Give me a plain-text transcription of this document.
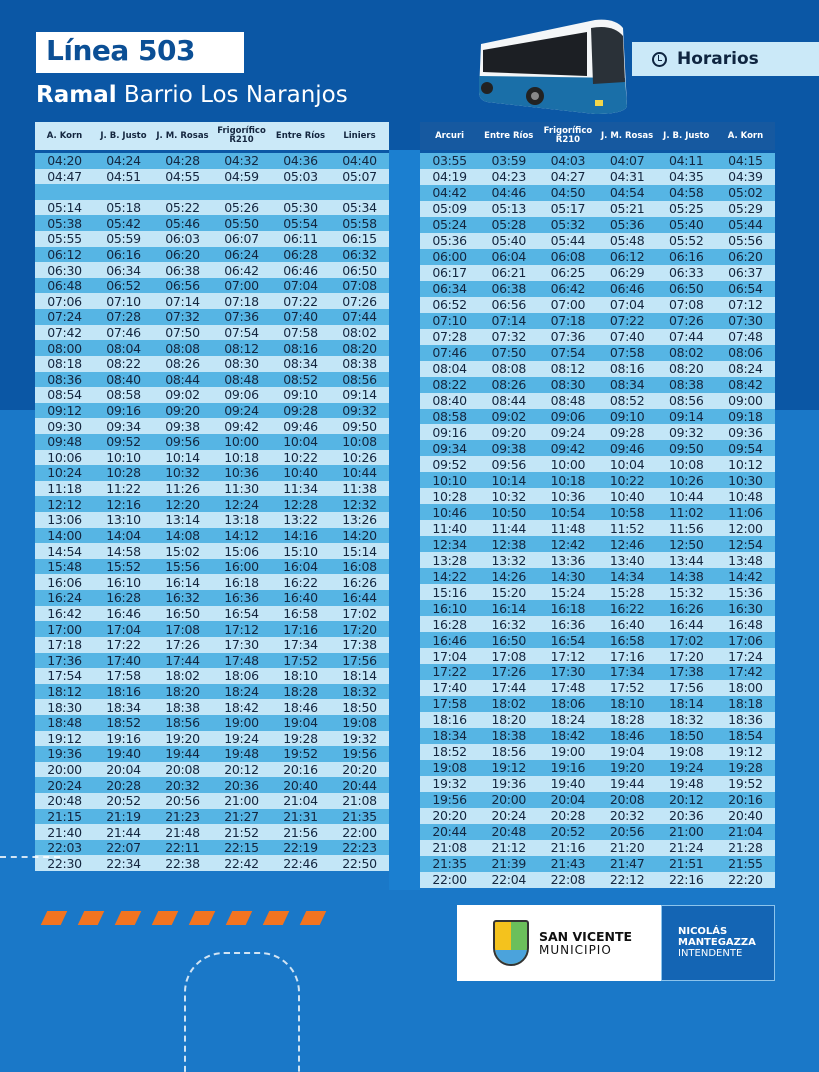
Línea 503
Ramal Barrio Los Naranjos
Horarios
A. Korn	J. B. Justo	J. M. Rosas	Frigorífico R210	Entre Ríos	Liniers
04:20	04:24	04:28	04:32	04:36	04:40
04:47	04:51	04:55	04:59	05:03	05:07
05:14	05:18	05:22	05:26	05:30	05:34
05:38	05:42	05:46	05:50	05:54	05:58
05:55	05:59	06:03	06:07	06:11	06:15
06:12	06:16	06:20	06:24	06:28	06:32
06:30	06:34	06:38	06:42	06:46	06:50
06:48	06:52	06:56	07:00	07:04	07:08
07:06	07:10	07:14	07:18	07:22	07:26
07:24	07:28	07:32	07:36	07:40	07:44
07:42	07:46	07:50	07:54	07:58	08:02
08:00	08:04	08:08	08:12	08:16	08:20
08:18	08:22	08:26	08:30	08:34	08:38
08:36	08:40	08:44	08:48	08:52	08:56
08:54	08:58	09:02	09:06	09:10	09:14
09:12	09:16	09:20	09:24	09:28	09:32
09:30	09:34	09:38	09:42	09:46	09:50
09:48	09:52	09:56	10:00	10:04	10:08
10:06	10:10	10:14	10:18	10:22	10:26
10:24	10:28	10:32	10:36	10:40	10:44
11:18	11:22	11:26	11:30	11:34	11:38
12:12	12:16	12:20	12:24	12:28	12:32
13:06	13:10	13:14	13:18	13:22	13:26
14:00	14:04	14:08	14:12	14:16	14:20
14:54	14:58	15:02	15:06	15:10	15:14
15:48	15:52	15:56	16:00	16:04	16:08
16:06	16:10	16:14	16:18	16:22	16:26
16:24	16:28	16:32	16:36	16:40	16:44
16:42	16:46	16:50	16:54	16:58	17:02
17:00	17:04	17:08	17:12	17:16	17:20
17:18	17:22	17:26	17:30	17:34	17:38
17:36	17:40	17:44	17:48	17:52	17:56
17:54	17:58	18:02	18:06	18:10	18:14
18:12	18:16	18:20	18:24	18:28	18:32
18:30	18:34	18:38	18:42	18:46	18:50
18:48	18:52	18:56	19:00	19:04	19:08
19:12	19:16	19:20	19:24	19:28	19:32
19:36	19:40	19:44	19:48	19:52	19:56
20:00	20:04	20:08	20:12	20:16	20:20
20:24	20:28	20:32	20:36	20:40	20:44
20:48	20:52	20:56	21:00	21:04	21:08
21:15	21:19	21:23	21:27	21:31	21:35
21:40	21:44	21:48	21:52	21:56	22:00
22:03	22:07	22:11	22:15	22:19	22:23
22:30	22:34	22:38	22:42	22:46	22:50
Arcuri	Entre Ríos	Frigorífico R210	J. M. Rosas	J. B. Justo	A. Korn
03:55	03:59	04:03	04:07	04:11	04:15
04:19	04:23	04:27	04:31	04:35	04:39
04:42	04:46	04:50	04:54	04:58	05:02
05:09	05:13	05:17	05:21	05:25	05:29
05:24	05:28	05:32	05:36	05:40	05:44
05:36	05:40	05:44	05:48	05:52	05:56
06:00	06:04	06:08	06:12	06:16	06:20
06:17	06:21	06:25	06:29	06:33	06:37
06:34	06:38	06:42	06:46	06:50	06:54
06:52	06:56	07:00	07:04	07:08	07:12
07:10	07:14	07:18	07:22	07:26	07:30
07:28	07:32	07:36	07:40	07:44	07:48
07:46	07:50	07:54	07:58	08:02	08:06
08:04	08:08	08:12	08:16	08:20	08:24
08:22	08:26	08:30	08:34	08:38	08:42
08:40	08:44	08:48	08:52	08:56	09:00
08:58	09:02	09:06	09:10	09:14	09:18
09:16	09:20	09:24	09:28	09:32	09:36
09:34	09:38	09:42	09:46	09:50	09:54
09:52	09:56	10:00	10:04	10:08	10:12
10:10	10:14	10:18	10:22	10:26	10:30
10:28	10:32	10:36	10:40	10:44	10:48
10:46	10:50	10:54	10:58	11:02	11:06
11:40	11:44	11:48	11:52	11:56	12:00
12:34	12:38	12:42	12:46	12:50	12:54
13:28	13:32	13:36	13:40	13:44	13:48
14:22	14:26	14:30	14:34	14:38	14:42
15:16	15:20	15:24	15:28	15:32	15:36
16:10	16:14	16:18	16:22	16:26	16:30
16:28	16:32	16:36	16:40	16:44	16:48
16:46	16:50	16:54	16:58	17:02	17:06
17:04	17:08	17:12	17:16	17:20	17:24
17:22	17:26	17:30	17:34	17:38	17:42
17:40	17:44	17:48	17:52	17:56	18:00
17:58	18:02	18:06	18:10	18:14	18:18
18:16	18:20	18:24	18:28	18:32	18:36
18:34	18:38	18:42	18:46	18:50	18:54
18:52	18:56	19:00	19:04	19:08	19:12
19:08	19:12	19:16	19:20	19:24	19:28
19:32	19:36	19:40	19:44	19:48	19:52
19:56	20:00	20:04	20:08	20:12	20:16
20:20	20:24	20:28	20:32	20:36	20:40
20:44	20:48	20:52	20:56	21:00	21:04
21:08	21:12	21:16	21:20	21:24	21:28
21:35	21:39	21:43	21:47	21:51	21:55
22:00	22:04	22:08	22:12	22:16	22:20
SAN VICENTE
MUNICIPIO
NICOLÁS
MANTEGAZZA
INTENDENTE
